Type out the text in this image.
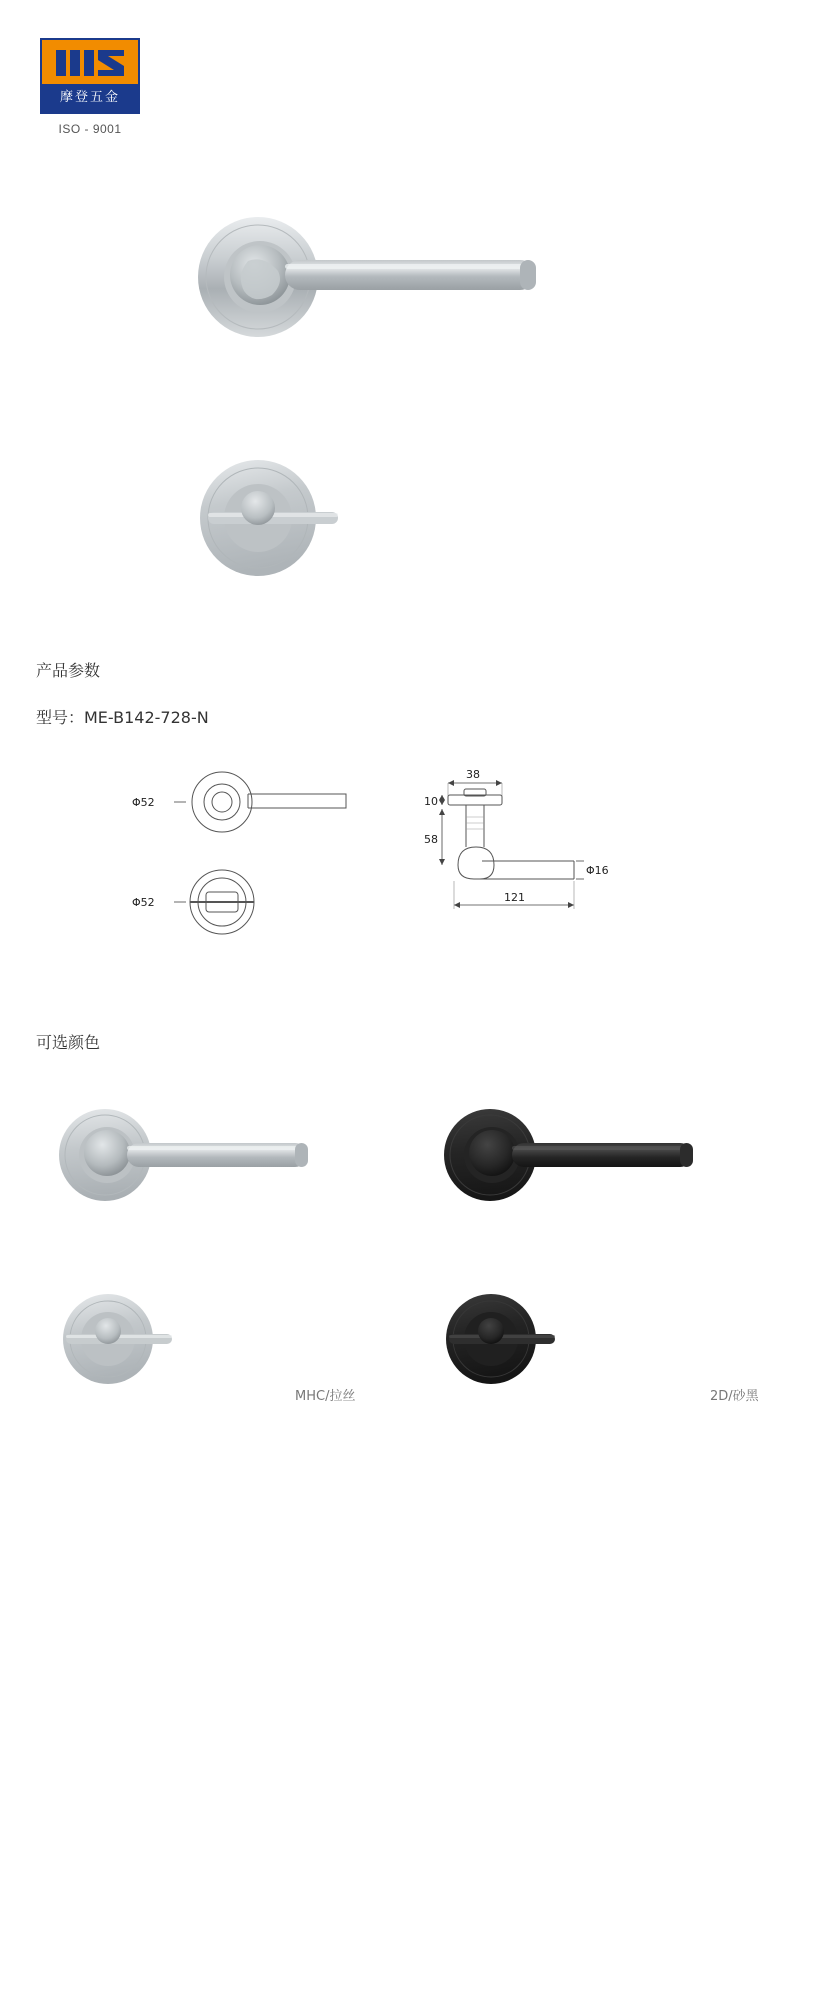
摩登五金
ISO - 9001
产品参数
型号：ME-B142-728-N
可选颜色
Φ52
Φ52
38
10
58
Φ16
121
MHC/拉丝	2D/砂黑
